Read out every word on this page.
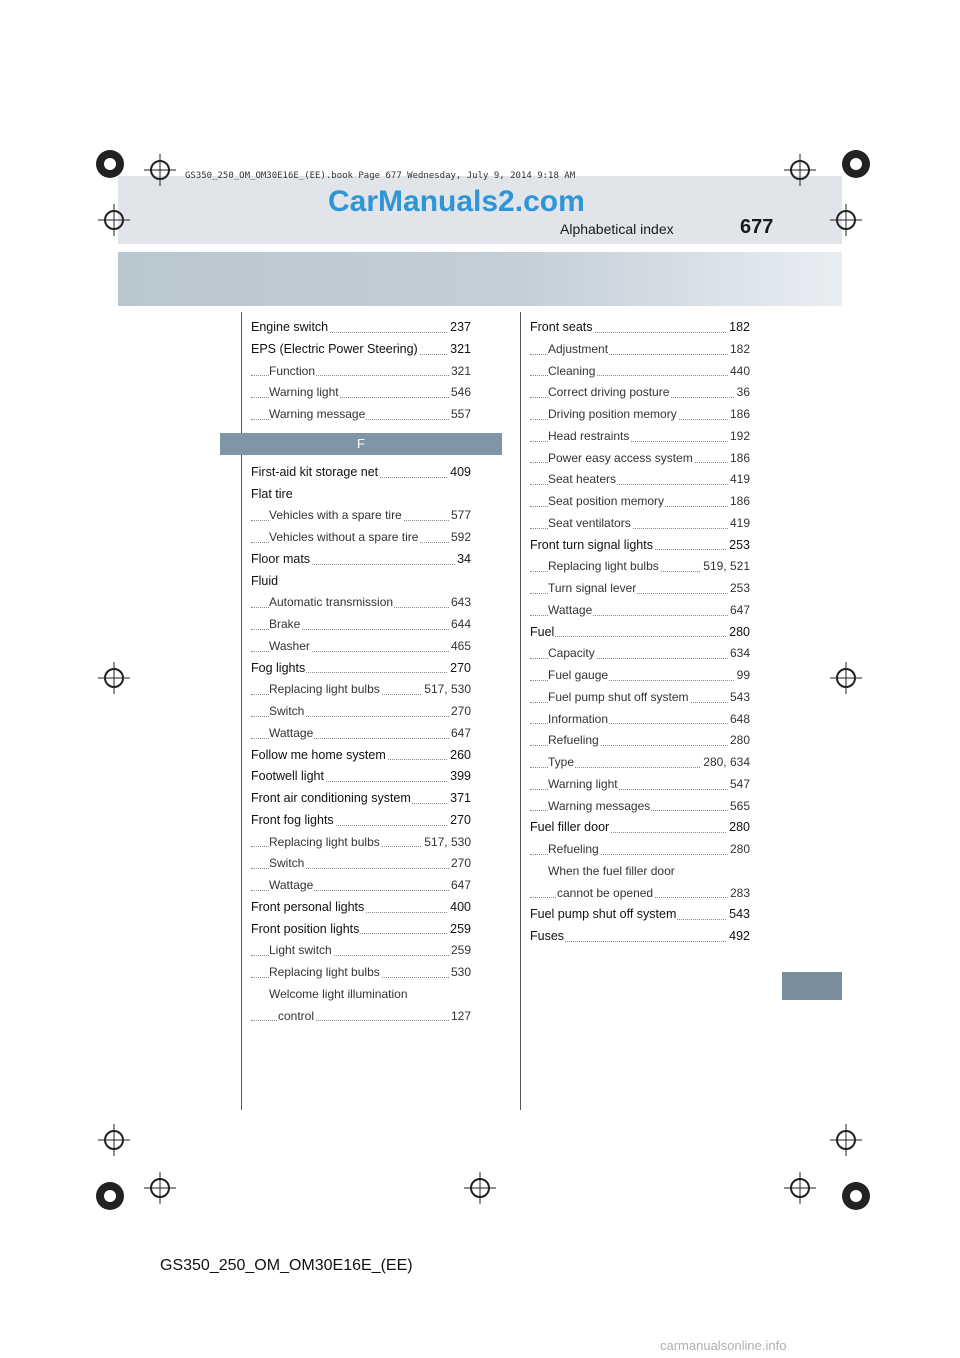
GS350_250_OM_OM30E16E_(EE).book Page 677 Wednesday, July 9, 2014 9:18 AM
CarManuals2.com
Alphabetical index	677
Engine switch	237
EPS (Electric Power Steering)	321
Function	321
Warning light	546
Warning message	557
F
First-aid kit storage net	409
Flat tire
Vehicles with a spare tire	577
Vehicles without a spare tire	592
Floor mats	34
Fluid
Automatic transmission	643
Brake	644
Washer	465
Fog lights	270
Replacing light bulbs	517, 530
Switch	270
Wattage	647
Follow me home system	260
Footwell light	399
Front air conditioning system	371
Front fog lights	270
Replacing light bulbs	517, 530
Switch	270
Wattage	647
Front personal lights	400
Front position lights	259
Light switch	259
Replacing light bulbs	530
Welcome light illumination
control	127
Front seats	182
Adjustment	182
Cleaning	440
Correct driving posture	36
Driving position memory	186
Head restraints	192
Power easy access system	186
Seat heaters	419
Seat position memory	186
Seat ventilators	419
Front turn signal lights	253
Replacing light bulbs	519, 521
Turn signal lever	253
Wattage	647
Fuel	280
Capacity	634
Fuel gauge	99
Fuel pump shut off system	543
Information	648
Refueling	280
Type	280, 634
Warning light	547
Warning messages	565
Fuel filler door	280
Refueling	280
When the fuel filler door
cannot be opened	283
Fuel pump shut off system	543
Fuses	492
GS350_250_OM_OM30E16E_(EE)
carmanualsonline.info
